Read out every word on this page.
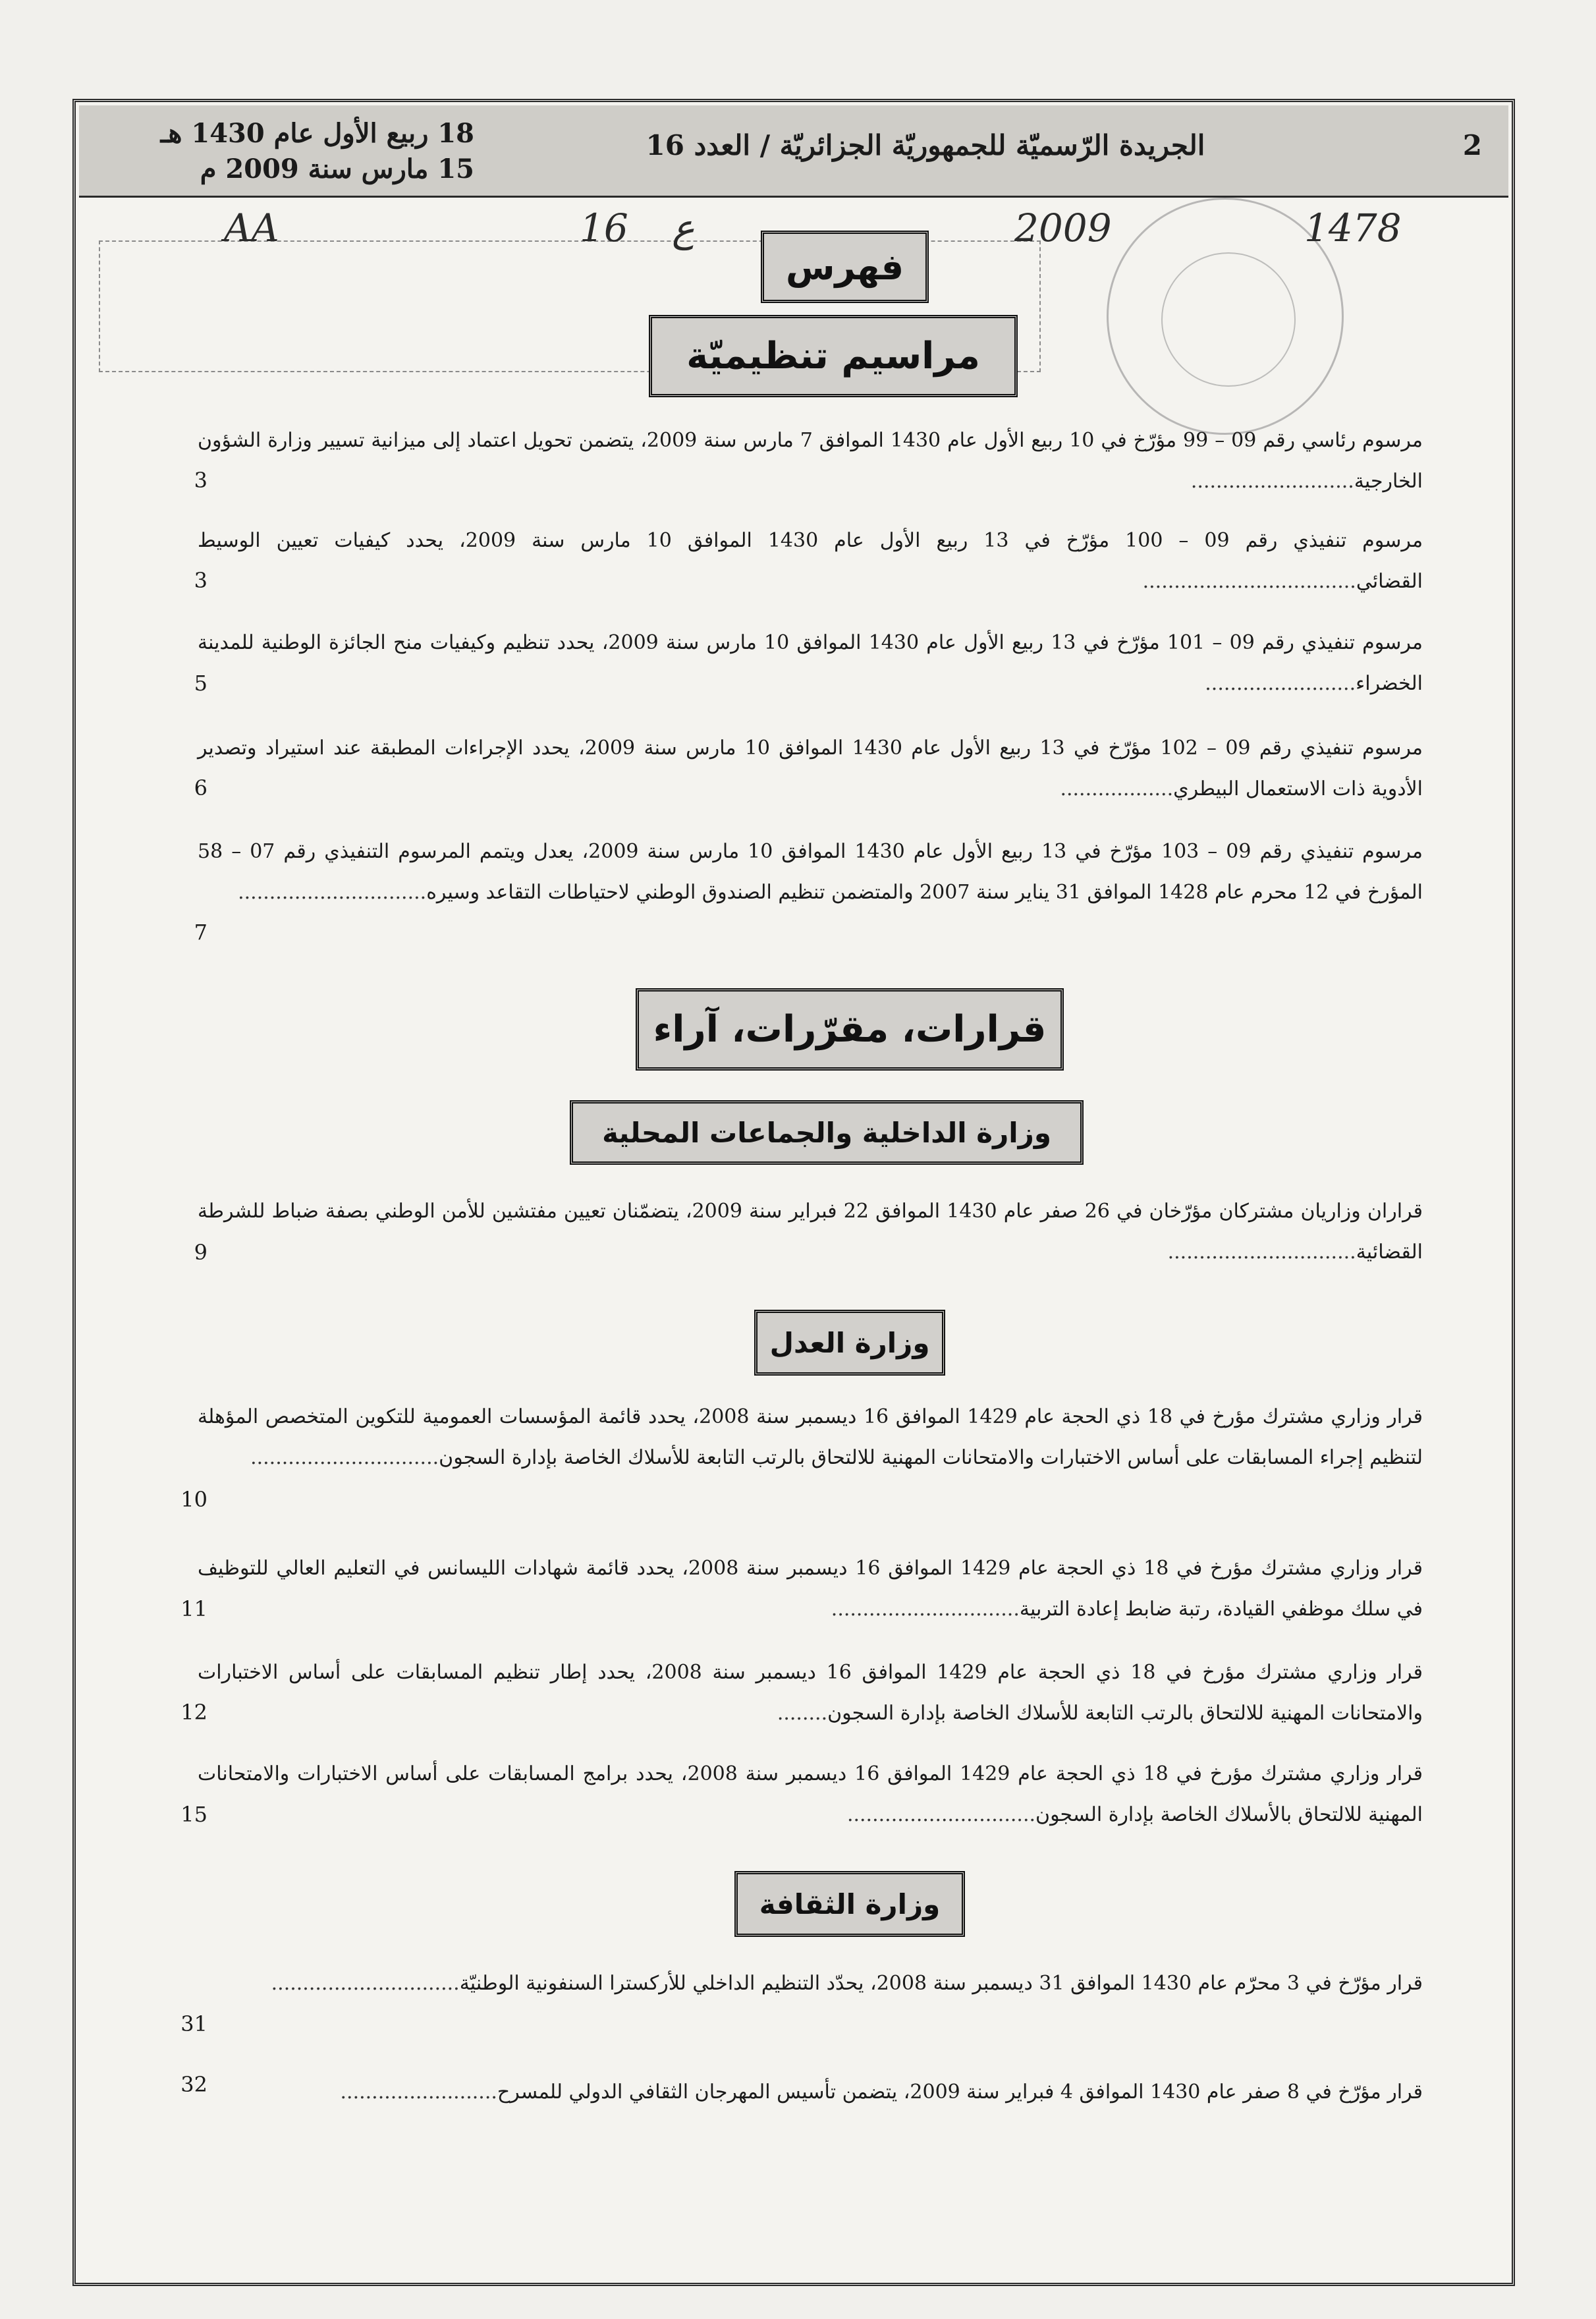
18 ربيع الأول عام 1430 هـ
15 مارس سنة 2009 م
الجريدة الرّسميّة للجمهوريّة الجزائريّة / العدد 16	2
AA	16 ع	2009	1478
فهرس
مراسيم تنظيميّة
مرسوم رئاسي رقم 09 – 99 مؤرّخ في 10 ربيع الأول عام 1430 الموافق 7 مارس سنة 2009، يتضمن تحويل اعتماد إلى ميزانية تسيير وزارة الشؤون الخارجية..........................
3
مرسوم تنفيذي رقم 09 – 100 مؤرّخ في 13 ربيع الأول عام 1430 الموافق 10 مارس سنة 2009، يحدد كيفيات تعيين الوسيط القضائي..................................
3
مرسوم تنفيذي رقم 09 – 101 مؤرّخ في 13 ربيع الأول عام 1430 الموافق 10 مارس سنة 2009، يحدد تنظيم وكيفيات منح الجائزة الوطنية للمدينة الخضراء........................
5
مرسوم تنفيذي رقم 09 – 102 مؤرّخ في 13 ربيع الأول عام 1430 الموافق 10 مارس سنة 2009، يحدد الإجراءات المطبقة عند استيراد وتصدير الأدوية ذات الاستعمال البيطري..................
6
مرسوم تنفيذي رقم 09 – 103 مؤرّخ في 13 ربيع الأول عام 1430 الموافق 10 مارس سنة 2009، يعدل ويتمم المرسوم التنفيذي رقم 07 – 58 المؤرخ في 12 محرم عام 1428 الموافق 31 يناير سنة 2007 والمتضمن تنظيم الصندوق الوطني لاحتياطات التقاعد وسيره..............................
7
قرارات، مقرّرات، آراء
وزارة الداخلية والجماعات المحلية
قراران وزاريان مشتركان مؤرّخان في 26 صفر عام 1430 الموافق 22 فبراير سنة 2009، يتضمّنان تعيين مفتشين للأمن الوطني بصفة ضباط للشرطة القضائية..............................
9
وزارة العدل
قرار وزاري مشترك مؤرخ في 18 ذي الحجة عام 1429 الموافق 16 ديسمبر سنة 2008، يحدد قائمة المؤسسات العمومية للتكوين المتخصص المؤهلة لتنظيم إجراء المسابقات على أساس الاختبارات والامتحانات المهنية للالتحاق بالرتب التابعة للأسلاك الخاصة بإدارة السجون..............................
10
قرار وزاري مشترك مؤرخ في 18 ذي الحجة عام 1429 الموافق 16 ديسمبر سنة 2008، يحدد قائمة شهادات الليسانس في التعليم العالي للتوظيف في سلك موظفي القيادة، رتبة ضابط إعادة التربية..............................
11
قرار وزاري مشترك مؤرخ في 18 ذي الحجة عام 1429 الموافق 16 ديسمبر سنة 2008، يحدد إطار تنظيم المسابقات على أساس الاختبارات والامتحانات المهنية للالتحاق بالرتب التابعة للأسلاك الخاصة بإدارة السجون........
12
قرار وزاري مشترك مؤرخ في 18 ذي الحجة عام 1429 الموافق 16 ديسمبر سنة 2008، يحدد برامج المسابقات على أساس الاختبارات والامتحانات المهنية للالتحاق بالأسلاك الخاصة بإدارة السجون..............................
15
وزارة الثقافة
قرار مؤرّخ في 3 محرّم عام 1430 الموافق 31 ديسمبر سنة 2008، يحدّد التنظيم الداخلي للأركسترا السنفونية الوطنيّة..............................
31
قرار مؤرّخ في 8 صفر عام 1430 الموافق 4 فبراير سنة 2009، يتضمن تأسيس المهرجان الثقافي الدولي للمسرح.........................
32
